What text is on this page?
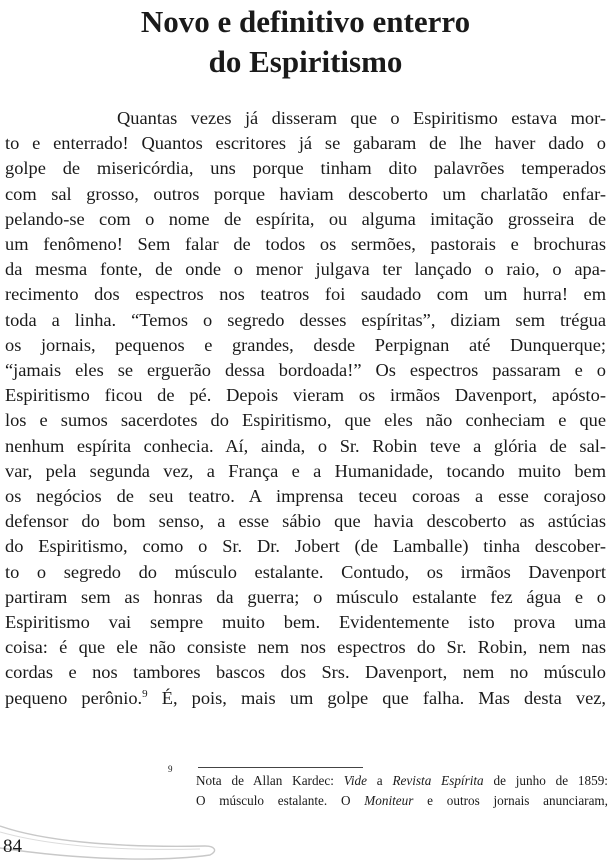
Novo e definitivo enterro
do Espiritismo
Quantas vezes já disseram que o Espiritismo estava mor-
to e enterrado! Quantos escritores já se gabaram de lhe haver dado o
golpe de misericórdia, uns porque tinham dito palavrões temperados
com sal grosso, outros porque haviam descoberto um charlatão enfar-
pelando-se com o nome de espírita, ou alguma imitação grosseira de
um fenômeno! Sem falar de todos os sermões, pastorais e brochuras
da mesma fonte, de onde o menor julgava ter lançado o raio, o apa-
recimento dos espectros nos teatros foi saudado com um hurra! em
toda a linha. “Temos o segredo desses espíritas”, diziam sem trégua
os jornais, pequenos e grandes, desde Perpignan até Dunquerque;
“jamais eles se erguerão dessa bordoada!” Os espectros passaram e o
Espiritismo ficou de pé. Depois vieram os irmãos Davenport, apósto-
los e sumos sacerdotes do Espiritismo, que eles não conheciam e que
nenhum espírita conhecia. Aí, ainda, o Sr. Robin teve a glória de sal-
var, pela segunda vez, a França e a Humanidade, tocando muito bem
os negócios de seu teatro. A imprensa teceu coroas a esse corajoso
defensor do bom senso, a esse sábio que havia descoberto as astúcias
do Espiritismo, como o Sr. Dr. Jobert (de Lamballe) tinha descober-
to o segredo do músculo estalante. Contudo, os irmãos Davenport
partiram sem as honras da guerra; o músculo estalante fez água e o
Espiritismo vai sempre muito bem. Evidentemente isto prova uma
coisa: é que ele não consiste nem nos espectros do Sr. Robin, nem nas
cordas e nos tambores bascos dos Srs. Davenport, nem no músculo
pequeno perônio.$^9$ É, pois, mais um golpe que falha. Mas desta vez,
9
Nota de Allan Kardec: Vide a Revista Espírita de junho de 1859:
O músculo estalante. O Moniteur e outros jornais anunciaram,
84
